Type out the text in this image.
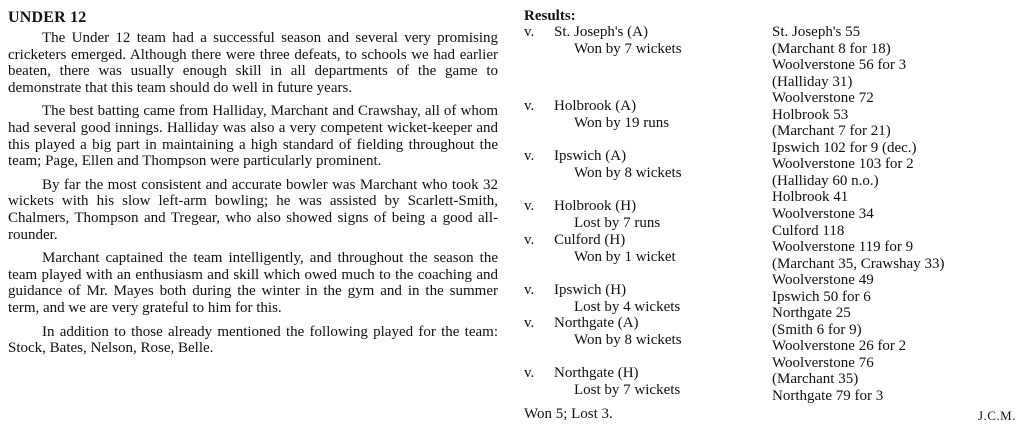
UNDER 12

The Under 12 team had a successful season and several very promising cricketers emerged. Although there were three defeats, to schools we had earlier beaten, there was usually enough skill in all departments of the game to demonstrate that this team should do well in future years.

The best batting came from Halliday, Marchant and Crawshay, all of whom had several good innings. Halliday was also a very competent wicket-keeper and this played a big part in maintaining a high standard of fielding throughout the team; Page, Ellen and Thompson were particularly prominent.

By far the most consistent and accurate bowler was Marchant who took 32 wickets with his slow left-arm bowling; he was assisted by Scarlett-Smith, Chalmers, Thompson and Tregear, who also showed signs of being a good all-rounder.

Marchant captained the team intelligently, and throughout the season the team played with an enthusiasm and skill which owed much to the coaching and guidance of Mr. Mayes both during the winter in the gym and in the summer term, and we are very grateful to him for this.

In addition to those already mentioned the following played for the team: Stock, Bates, Nelson, Rose, Belle.

Results:
v. St. Joseph's (A)
Won by 7 wickets
v. Holbrook (A)
Won by 19 runs
v. Ipswich (A)
Won by 8 wickets
v. Holbrook (H)
Lost by 7 runs
v. Culford (H)
Won by 1 wicket
v. Ipswich (H)
Lost by 4 wickets
v. Northgate (A)
Won by 8 wickets
v. Northgate (H)
Lost by 7 wickets
St. Joseph's 55
(Marchant 8 for 18)
Woolverstone 56 for 3
(Halliday 31)
Woolverstone 72
Holbrook 53
(Marchant 7 for 21)
Ipswich 102 for 9 (dec.)
Woolverstone 103 for 2
(Halliday 60 n.o.)
Holbrook 41
Woolverstone 34
Culford 118
Woolverstone 119 for 9
(Marchant 35, Crawshay 33)
Woolverstone 49
Ipswich 50 for 6
Northgate 25
(Smith 6 for 9)
Woolverstone 26 for 2
Woolverstone 76
(Marchant 35)
Northgate 79 for 3
Won 5; Lost 3.	J.C.M.
